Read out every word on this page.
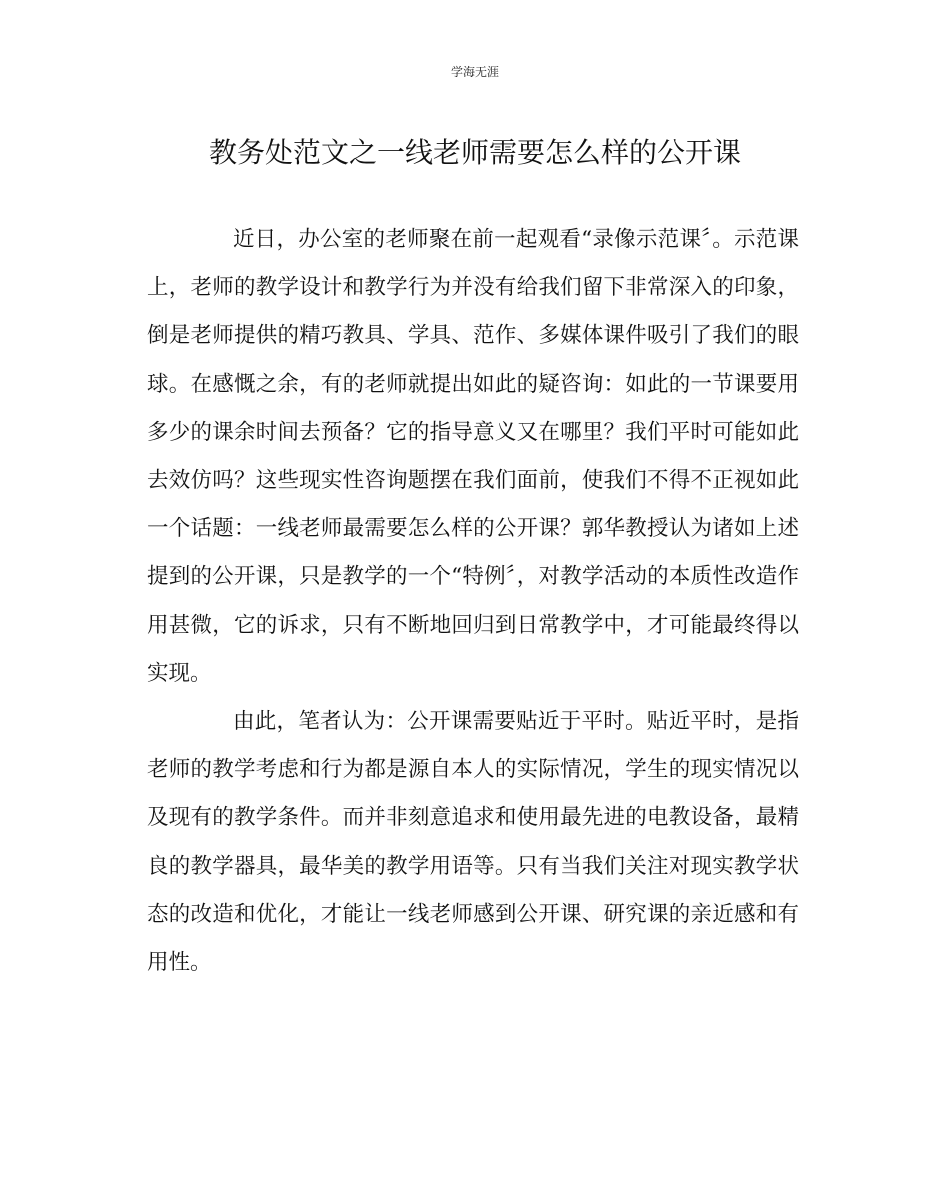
学海无涯
教务处范文之一线老师需要怎么样的公开课

近日，办公室的老师聚在前一起观看“录像示范课〞。示范课上，老师的教学设计和教学行为并没有给我们留下非常深入的印象，倒是老师提供的精巧教具、学具、范作、多媒体课件吸引了我们的眼球。在感慨之余，有的老师就提出如此的疑咨询：如此的一节课要用多少的课余时间去预备？它的指导意义又在哪里？我们平时可能如此去效仿吗？这些现实性咨询题摆在我们面前，使我们不得不正视如此一个话题：一线老师最需要怎么样的公开课？郭华教授认为诸如上述提到的公开课，只是教学的一个“特例〞，对教学活动的本质性改造作用甚微，它的诉求，只有不断地回归到日常教学中，才可能最终得以实现。

由此，笔者认为：公开课需要贴近于平时。贴近平时，是指老师的教学考虑和行为都是源自本人的实际情况，学生的现实情况以及现有的教学条件。而并非刻意追求和使用最先进的电教设备，最精良的教学器具，最华美的教学用语等。只有当我们关注对现实教学状态的改造和优化，才能让一线老师感到公开课、研究课的亲近感和有用性。
